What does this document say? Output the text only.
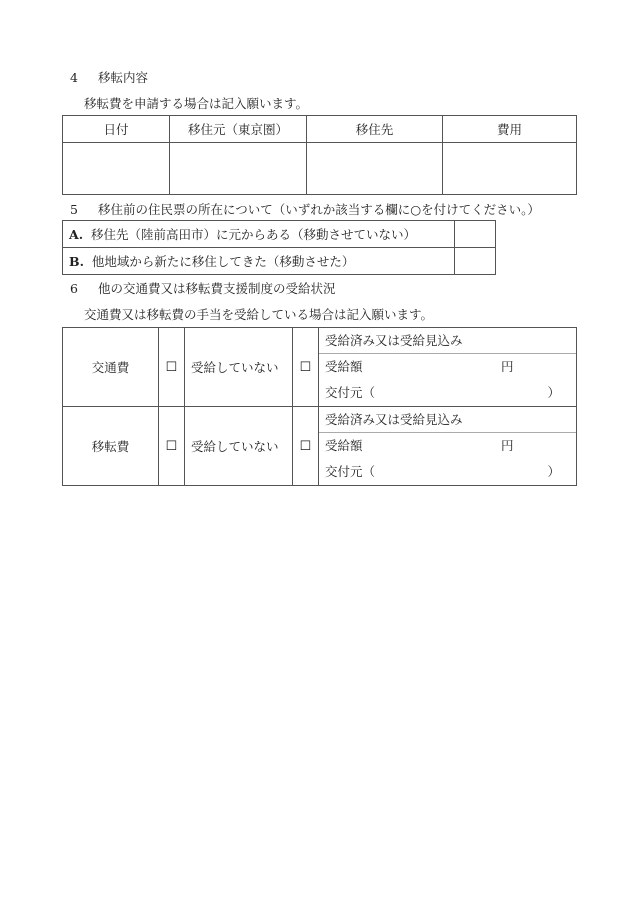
4 移転内容
移転費を申請する場合は記入願います。
日付	移住元（東京圏）	移住先	費用

5 移住前の住民票の所在について（いずれか該当する欄に○を付けてください。）
A. 移住先（陸前高田市）に元からある（移動させていない）	
B. 他地域から新たに移住してきた（移動させた）	
6 他の交通費又は移転費支援制度の受給状況
交通費又は移転費の手当を受給している場合は記入願います。
交通費	☐	受給していない	☐	受給済み又は受給見込み
受給額 円
交付元（ ）

移転費	☐	受給していない	☐	受給済み又は受給見込み
受給額 円
交付元（ ）
